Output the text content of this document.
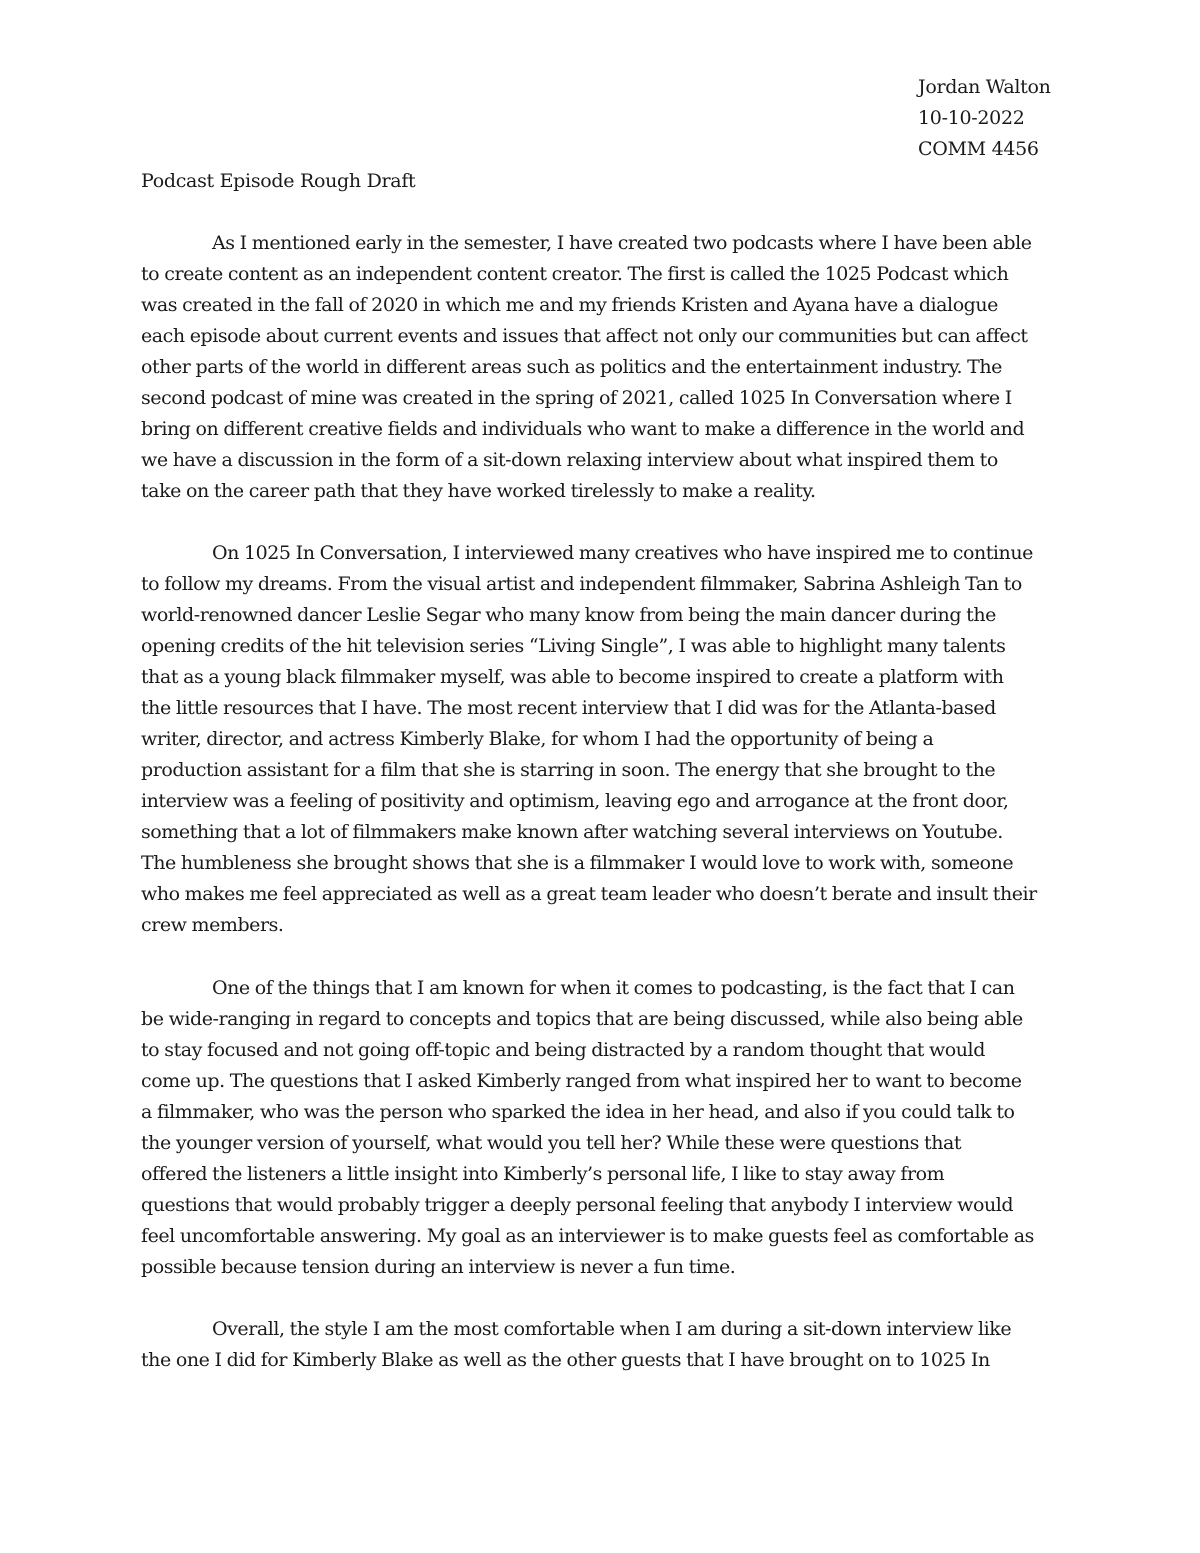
Jordan Walton
10-10-2022
COMM 4456
Podcast Episode Rough Draft
As I mentioned early in the semester, I have created two podcasts where I have been able
to create content as an independent content creator. The first is called the 1025 Podcast which
was created in the fall of 2020 in which me and my friends Kristen and Ayana have a dialogue
each episode about current events and issues that affect not only our communities but can affect
other parts of the world in different areas such as politics and the entertainment industry. The
second podcast of mine was created in the spring of 2021, called 1025 In Conversation where I
bring on different creative fields and individuals who want to make a difference in the world and
we have a discussion in the form of a sit-down relaxing interview about what inspired them to
take on the career path that they have worked tirelessly to make a reality.
On 1025 In Conversation, I interviewed many creatives who have inspired me to continue
to follow my dreams. From the visual artist and independent filmmaker, Sabrina Ashleigh Tan to
world-renowned dancer Leslie Segar who many know from being the main dancer during the
opening credits of the hit television series “Living Single”, I was able to highlight many talents
that as a young black filmmaker myself, was able to become inspired to create a platform with
the little resources that I have. The most recent interview that I did was for the Atlanta-based
writer, director, and actress Kimberly Blake, for whom I had the opportunity of being a
production assistant for a film that she is starring in soon. The energy that she brought to the
interview was a feeling of positivity and optimism, leaving ego and arrogance at the front door,
something that a lot of filmmakers make known after watching several interviews on Youtube.
The humbleness she brought shows that she is a filmmaker I would love to work with, someone
who makes me feel appreciated as well as a great team leader who doesn’t berate and insult their
crew members.
One of the things that I am known for when it comes to podcasting, is the fact that I can
be wide-ranging in regard to concepts and topics that are being discussed, while also being able
to stay focused and not going off-topic and being distracted by a random thought that would
come up. The questions that I asked Kimberly ranged from what inspired her to want to become
a filmmaker, who was the person who sparked the idea in her head, and also if you could talk to
the younger version of yourself, what would you tell her? While these were questions that
offered the listeners a little insight into Kimberly’s personal life, I like to stay away from
questions that would probably trigger a deeply personal feeling that anybody I interview would
feel uncomfortable answering. My goal as an interviewer is to make guests feel as comfortable as
possible because tension during an interview is never a fun time.
Overall, the style I am the most comfortable when I am during a sit-down interview like
the one I did for Kimberly Blake as well as the other guests that I have brought on to 1025 In
